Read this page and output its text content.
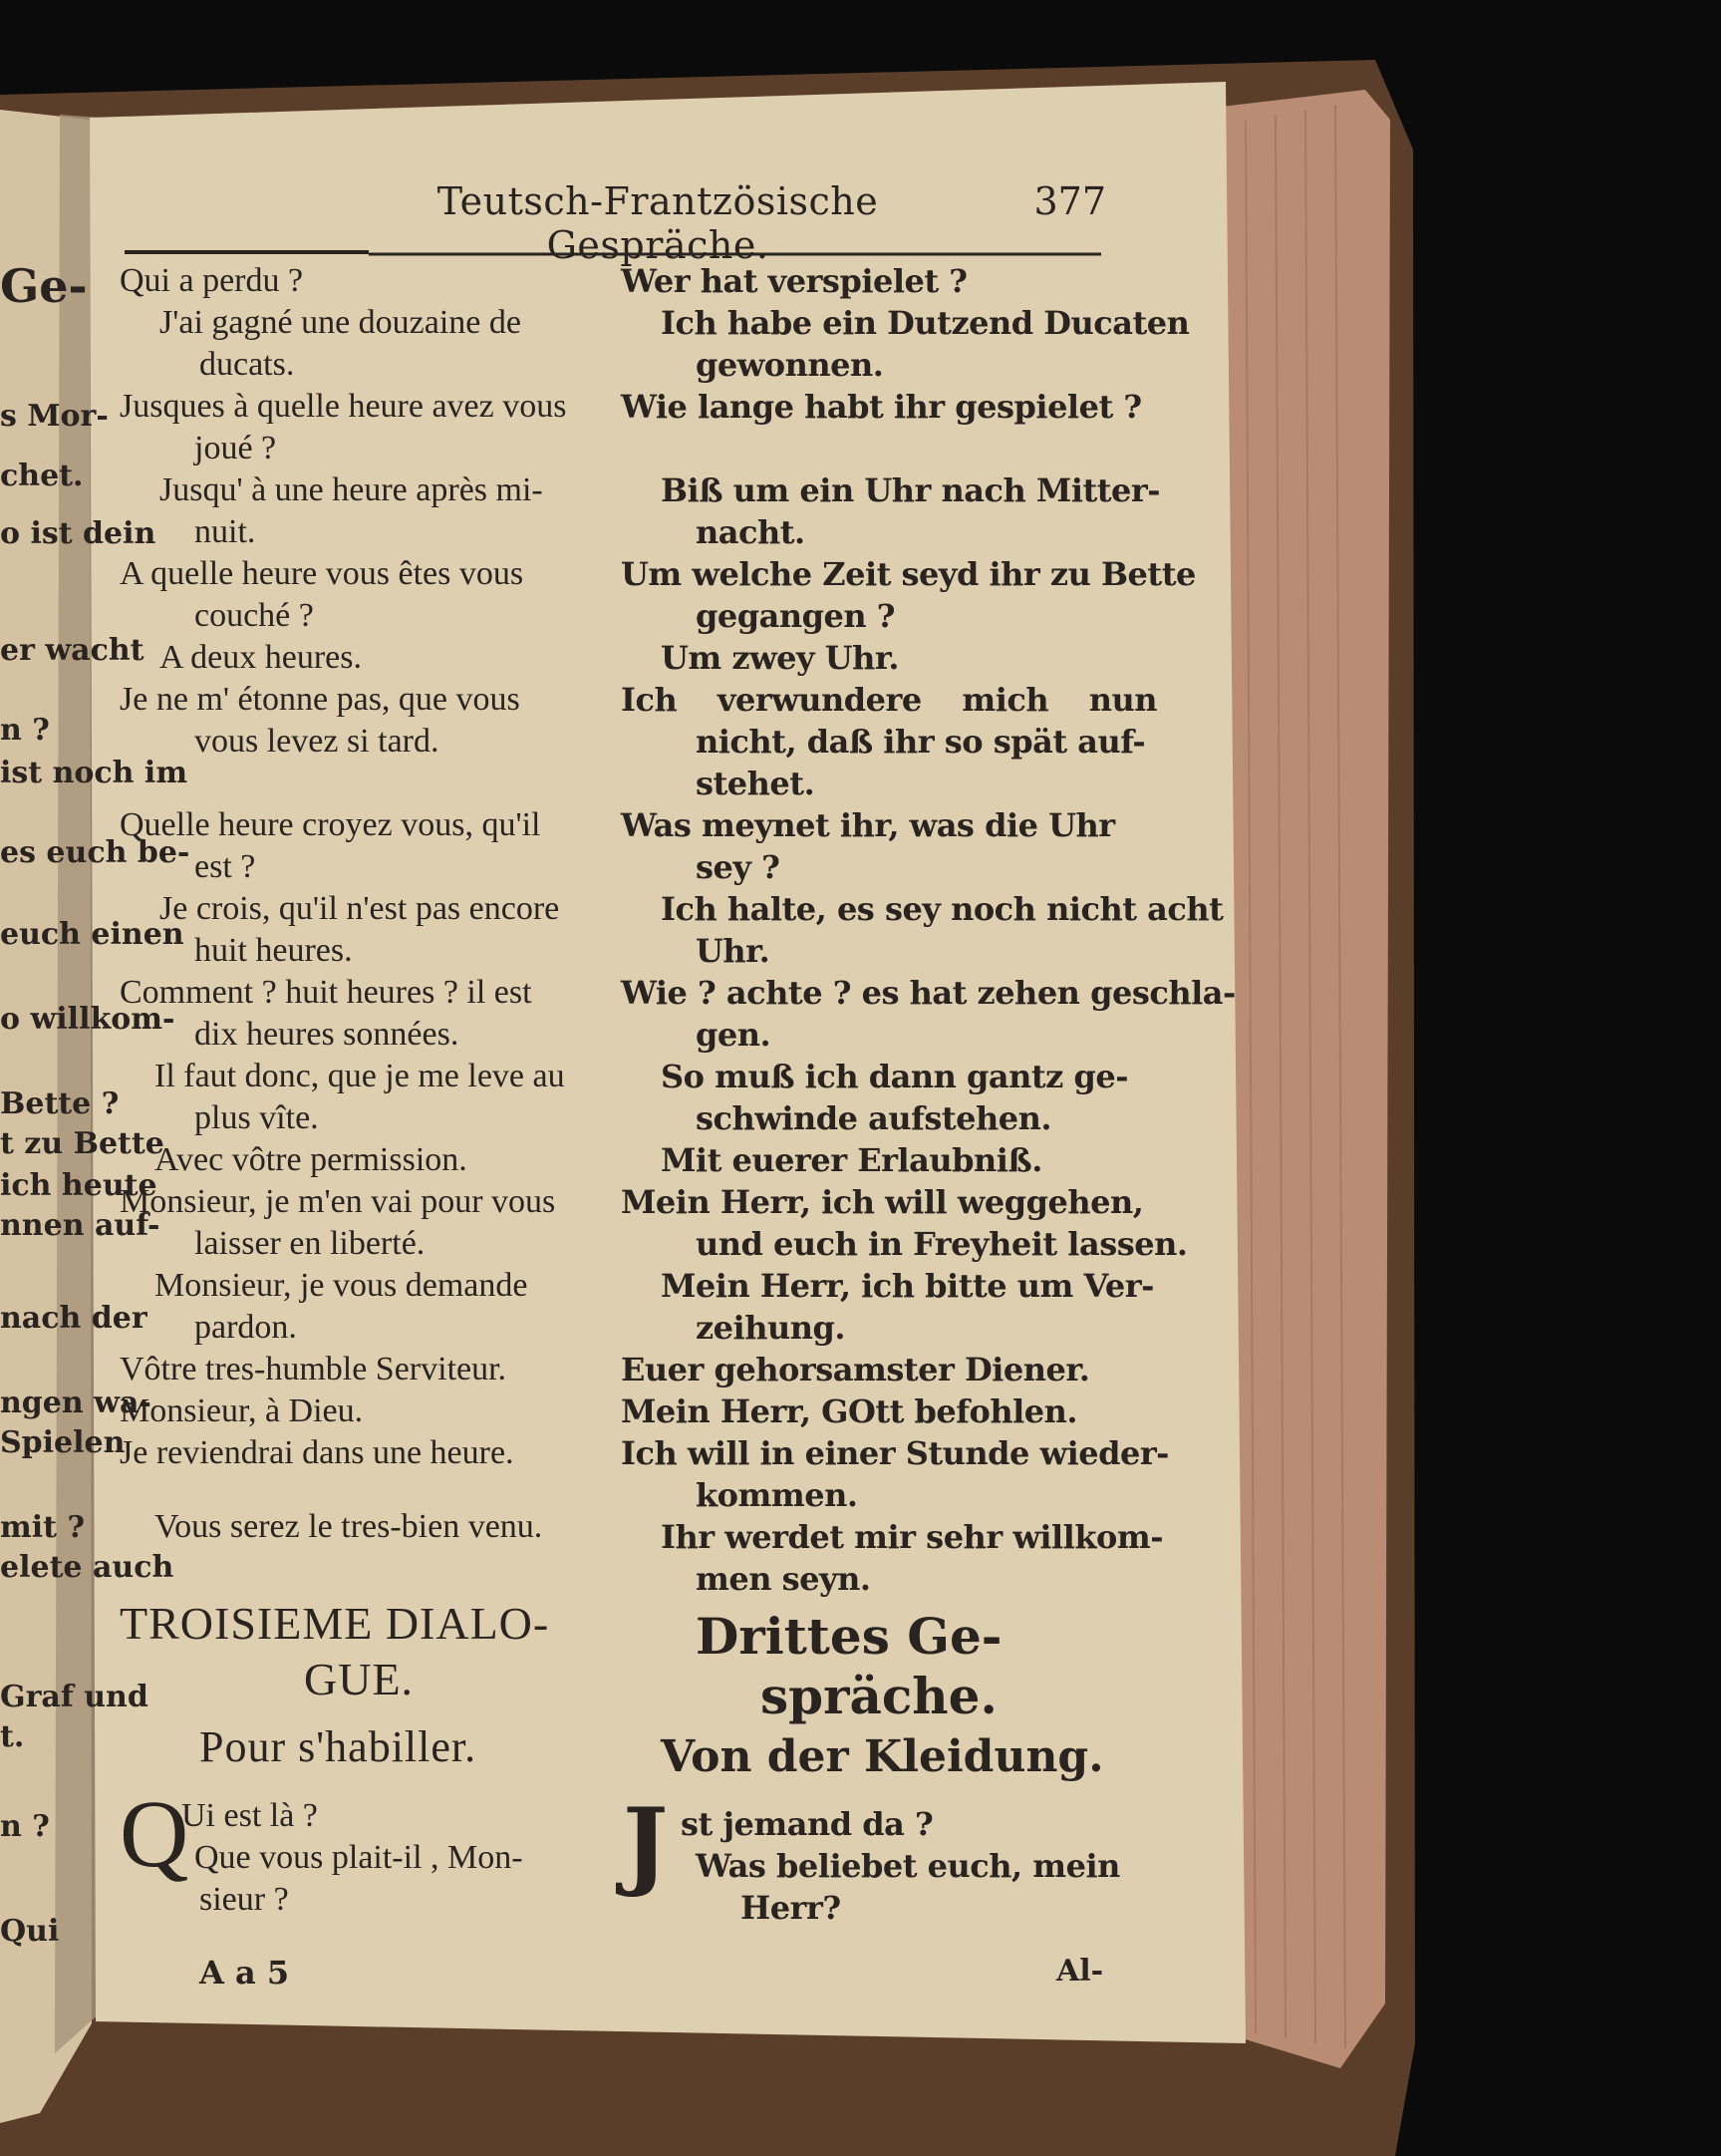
Ge-
s Mor-
chet.
o ist dein
er wacht
n ?
ist noch im
es euch be-
euch einen
o willkom-
Bette ?
t zu Bette
ich heute
nnen auf-
nach der
ngen wa-
Spielen
mit ?
elete auch
Graf und
t.
n ?
Qui
Teutsch-Frantzösische Gespräche.
377
Qui a perdu ?
J'ai gagné une douzaine de
ducats.
Jusques à quelle heure avez vous
joué ?
Jusqu' à une heure après mi-
nuit.
A quelle heure vous êtes vous
couché ?
A deux heures.
Je ne m' étonne pas, que vous
vous levez si tard.
Quelle heure croyez vous, qu'il
est ?
Je crois, qu'il n'est pas encore
huit heures.
Comment ? huit heures ? il est
dix heures sonnées.
Il faut donc, que je me leve au
plus vîte.
Avec vôtre permission.
Monsieur, je m'en vai pour vous
laisser en liberté.
Monsieur, je vous demande
pardon.
Vôtre tres-humble Serviteur.
Monsieur, à Dieu.
Je reviendrai dans une heure.
Vous serez le tres-bien venu.
TROISIEME DIALO-
GUE.
Pour s'habiller.
Q
Ui est là ?
Que vous plait-il , Mon-
sieur ?
Wer hat verspielet ?
Ich habe ein Dutzend Ducaten
gewonnen.
Wie lange habt ihr gespielet ?
Biß um ein Uhr nach Mitter-
nacht.
Um welche Zeit seyd ihr zu Bette
gegangen ?
Um zwey Uhr.
Ich verwundere mich nun
nicht, daß ihr so spät auf-
stehet.
Was meynet ihr, was die Uhr
sey ?
Ich halte, es sey noch nicht acht
Uhr.
Wie ? achte ? es hat zehen geschla-
gen.
So muß ich dann gantz ge-
schwinde aufstehen.
Mit euerer Erlaubniß.
Mein Herr, ich will weggehen,
und euch in Freyheit lassen.
Mein Herr, ich bitte um Ver-
zeihung.
Euer gehorsamster Diener.
Mein Herr, GOtt befohlen.
Ich will in einer Stunde wieder-
kommen.
Ihr werdet mir sehr willkom-
men seyn.
Drittes Ge-
spräche.
Von der Kleidung.
J st jemand da ?
Was beliebet euch, mein
Herr?
A a 5	Al-
